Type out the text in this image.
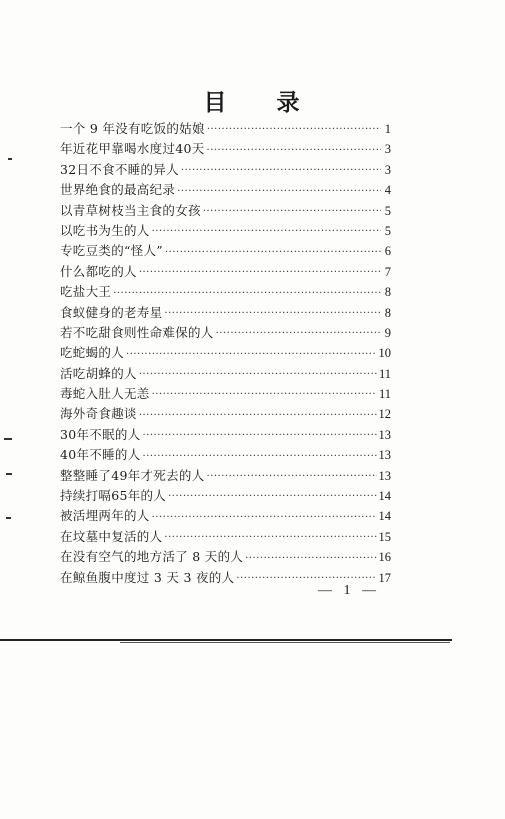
目 录
一个 9 年没有吃饭的姑娘 ·····	1
年近花甲靠喝水度过40天 ·····	3
32日不食不睡的异人 ·····	3
世界绝食的最高纪录 ·····	4
以青草树枝当主食的女孩 ·····	5
以吃书为生的人 ·····	5
专吃豆类的“怪人” ·····	6
什么都吃的人 ·····	7
吃盐大王 ·····	8
食蚁健身的老寿星 ·····	8
若不吃甜食则性命难保的人 ·····	9
吃蛇蝎的人 ·····	10
活吃胡蜂的人 ·····	11
毒蛇入肚人无恙 ·····	11
海外奇食趣谈 ·····	12
30年不眠的人 ·····	13
40年不睡的人 ·····	13
整整睡了49年才死去的人 ·····	13
持续打嗝65年的人 ·····	14
被活埋两年的人 ·····	14
在坟墓中复活的人 ·····	15
在没有空气的地方活了 8 天的人 ·····	16
在鲸鱼腹中度过 3 天 3 夜的人 ·····	17
— 1 —
